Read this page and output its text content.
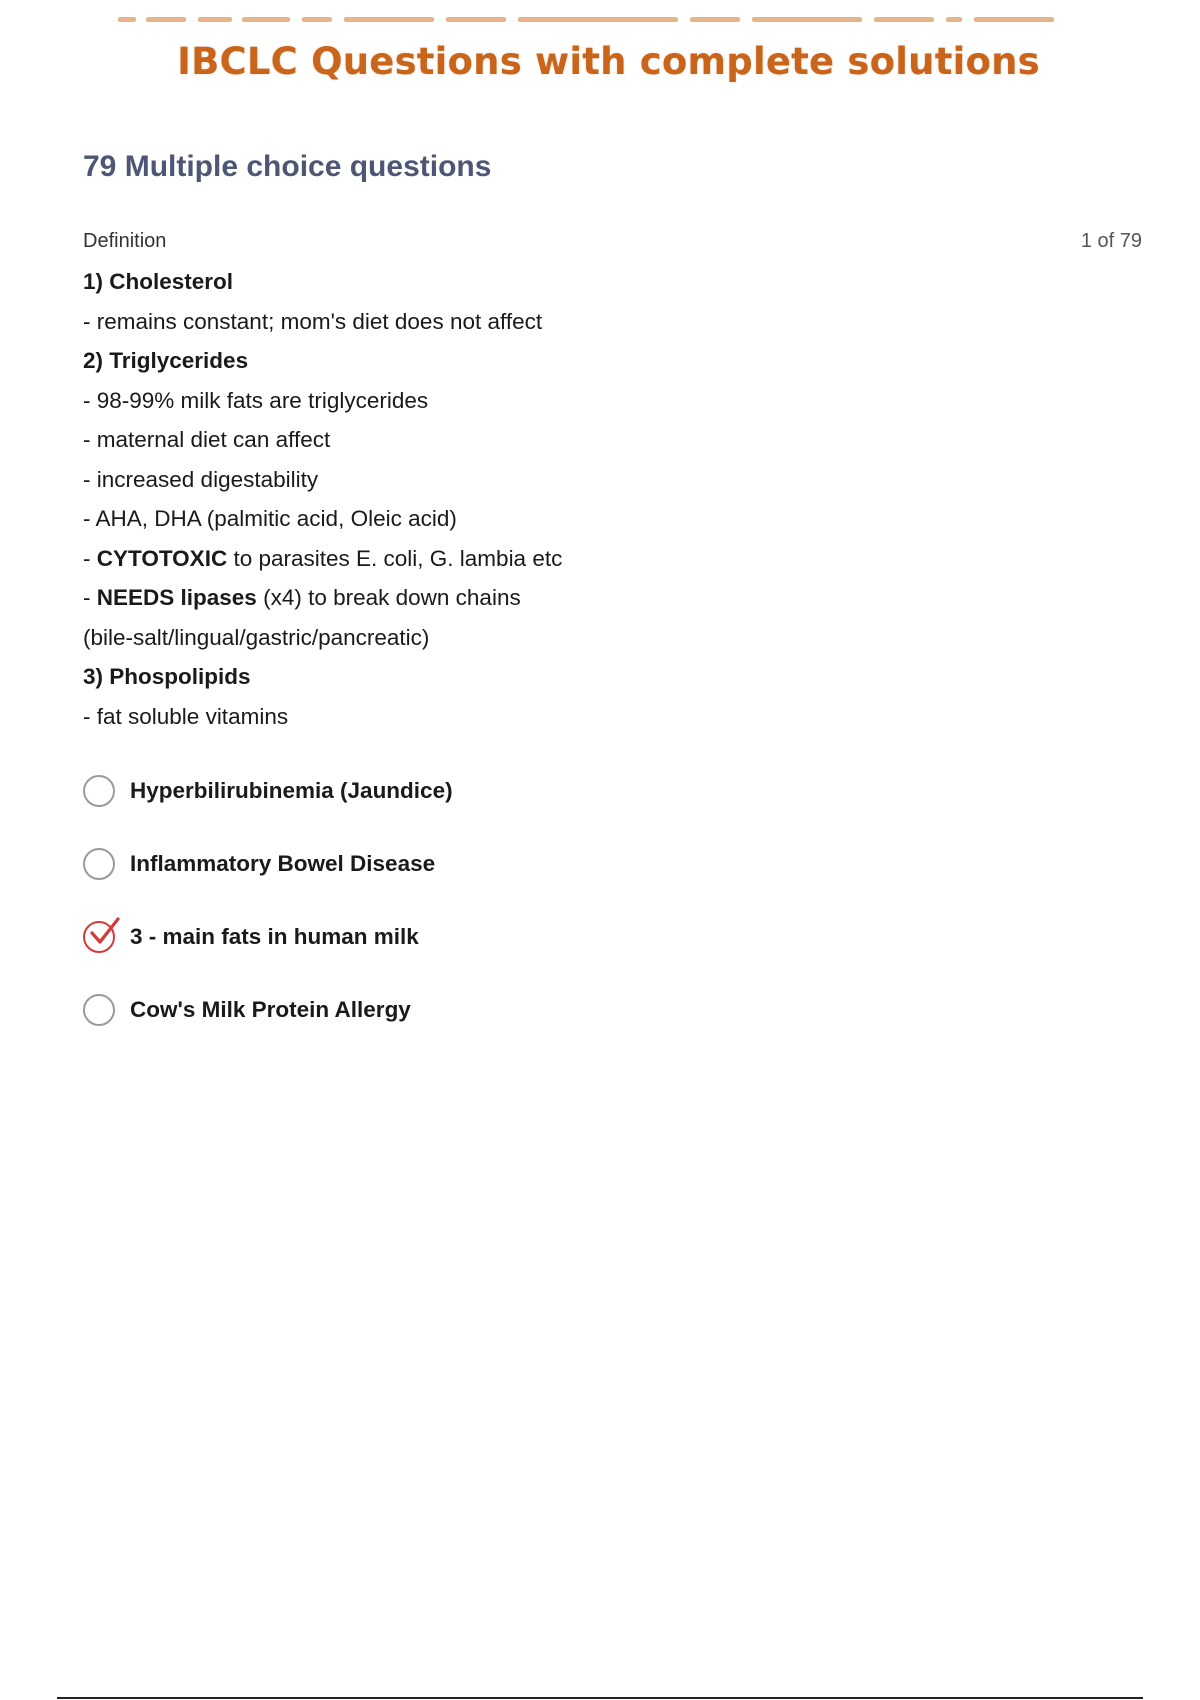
IBCLC Questions with complete solutions
79 Multiple choice questions
Definition	1 of 79
1) Cholesterol
- remains constant; mom's diet does not affect
2) Triglycerides
- 98-99% milk fats are triglycerides
- maternal diet can affect
- increased digestability
- AHA, DHA (palmitic acid, Oleic acid)
- CYTOTOXIC to parasites E. coli, G. lambia etc
- NEEDS lipases (x4) to break down chains
(bile-salt/lingual/gastric/pancreatic)
3) Phospolipids
- fat soluble vitamins
Hyperbilirubinemia (Jaundice)
Inflammatory Bowel Disease
3 - main fats in human milk
Cow's Milk Protein Allergy
